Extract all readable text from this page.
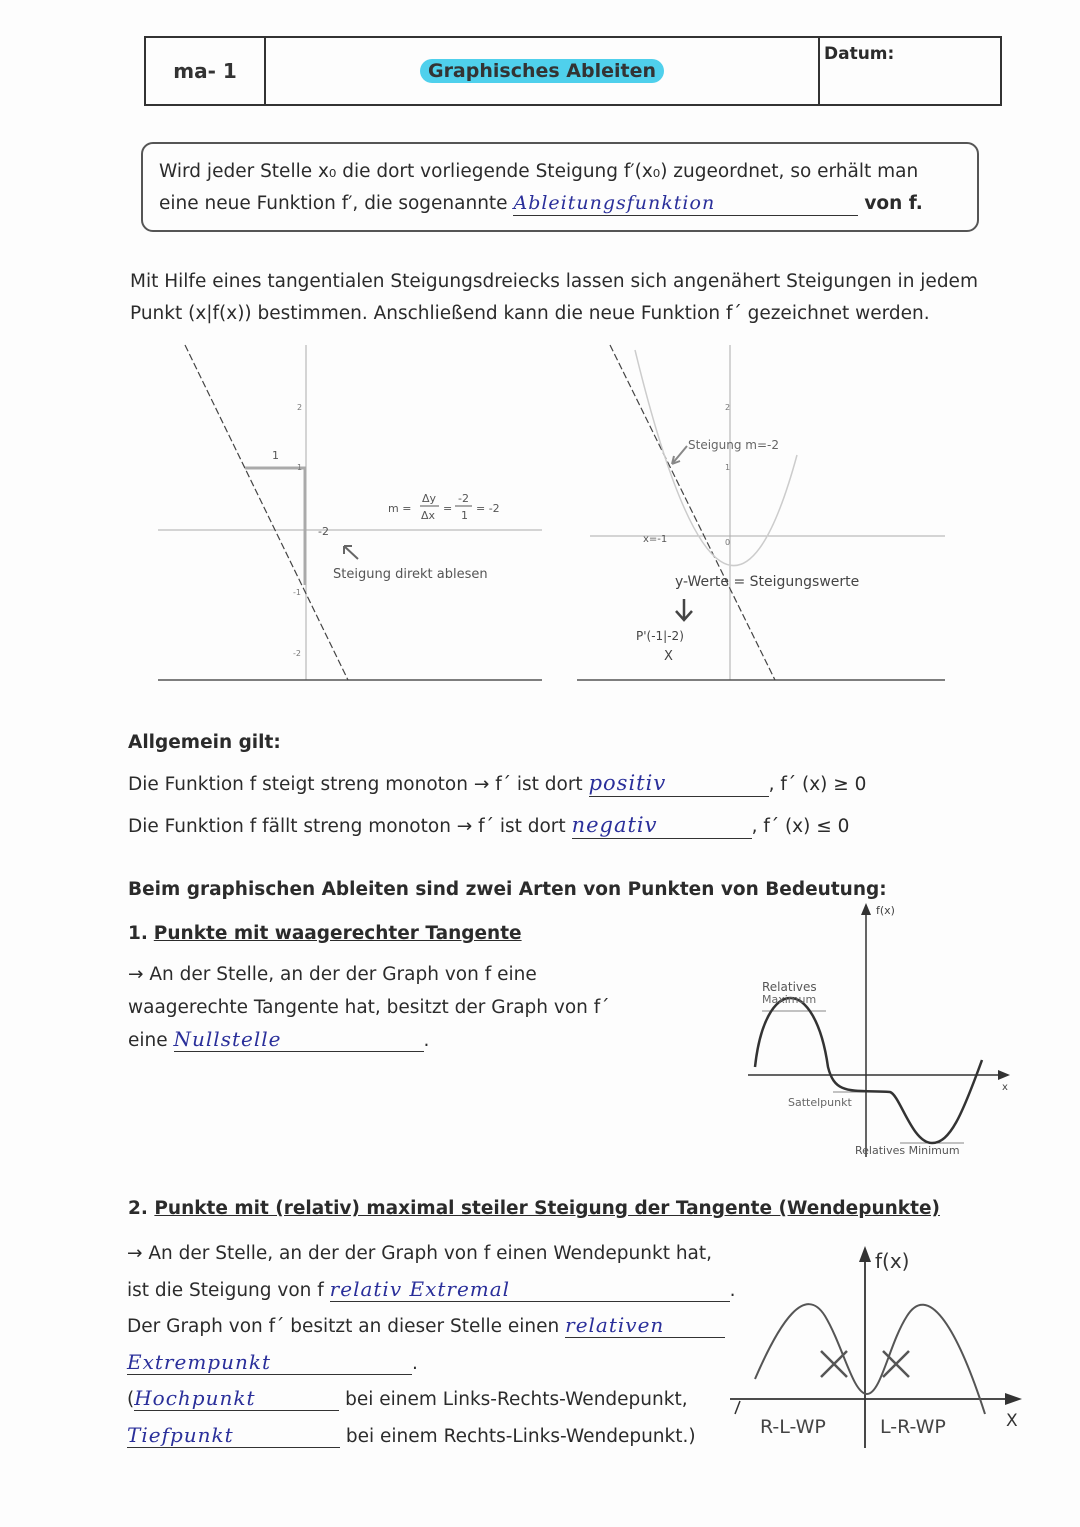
ma- 1	Graphisches Ableiten
Datum:
Wird jeder Stelle x₀ die dort vorliegende Steigung f′(x₀) zugeordnet, so erhält man
eine neue Funktion f′, die sogenannte Ableitungsfunktion	von f.
Mit Hilfe eines tangentialen Steigungsdreiecks lassen sich angenähert Steigungen in jedem
Punkt (x|f(x)) bestimmen. Anschließend kann die neue Funktion f´ gezeichnet werden.
1
-2
2
1
-1
-2
m =
Δy
Δx
=
-2
1
= -2
Steigung direkt ablesen
2
1
0
Steigung m=-2
x=-1
y-Werte = Steigungswerte
P'(-1|-2)
X
Allgemein gilt:
Die Funktion f steigt streng monoton → f´ ist dort positiv	, f´ (x) ≥ 0
Die Funktion f fällt streng monoton → f´ ist dort negativ	, f´ (x) ≤ 0
Beim graphischen Ableiten sind zwei Arten von Punkten von Bedeutung:
1. Punkte mit waagerechter Tangente
→ An der Stelle, an der der Graph von f eine
waagerechte Tangente hat, besitzt der Graph von f´
eine Nullstelle	.
f(x)
x
Relatives
Maximum
Sattelpunkt
Relatives Minimum
2. Punkte mit (relativ) maximal steiler Steigung der Tangente (Wendepunkte)
→ An der Stelle, an der der Graph von f einen Wendepunkt hat,
ist die Steigung von f relativ Extremal	.
Der Graph von f´ besitzt an dieser Stelle einen relativen
Extrempunkt	.
(Hochpunkt	bei einem Links-Rechts-Wendepunkt,
Tiefpunkt	bei einem Rechts-Links-Wendepunkt.)
f(x)
X
R-L-WP	L-R-WP
